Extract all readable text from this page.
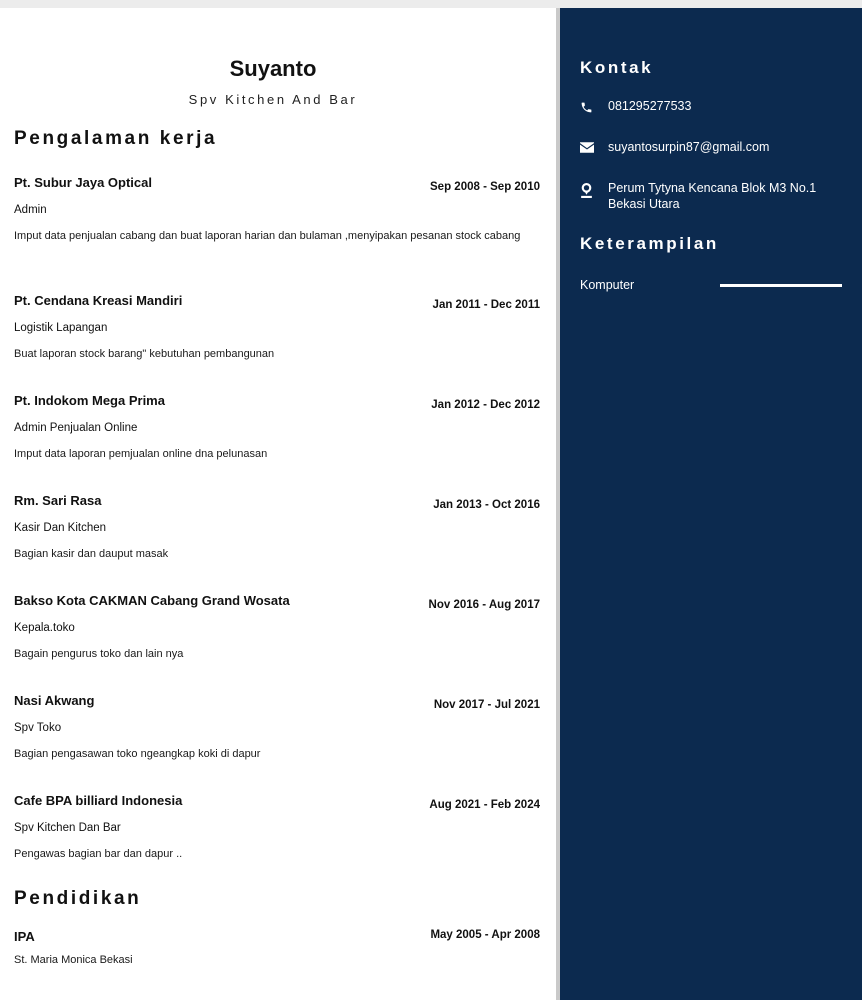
Suyanto
Spv Kitchen And Bar
Pengalaman kerja
Pt. Subur Jaya Optical	Sep 2008 - Sep 2010
Admin
Imput data penjualan cabang dan buat laporan harian dan bulaman ,menyipakan pesanan stock cabang
Pt. Cendana Kreasi Mandiri	Jan 2011 - Dec 2011
Logistik Lapangan
Buat laporan stock barang" kebutuhan pembangunan
Pt. Indokom Mega Prima	Jan 2012 - Dec 2012
Admin Penjualan Online
Imput data laporan pemjualan online dna pelunasan
Rm. Sari Rasa	Jan 2013 - Oct 2016
Kasir Dan Kitchen
Bagian kasir dan dauput masak
Bakso Kota CAKMAN Cabang Grand Wosata	Nov 2016 - Aug 2017
Kepala.toko
Bagain pengurus toko dan lain nya
Nasi Akwang	Nov 2017 - Jul 2021
Spv Toko
Bagian pengasawan toko ngeangkap koki di dapur
Cafe BPA billiard Indonesia	Aug 2021 - Feb 2024
Spv Kitchen Dan Bar
Pengawas bagian bar dan dapur ..
Pendidikan
IPA	May 2005 - Apr 2008
St. Maria Monica Bekasi
Kontak
081295277533
suyantosurpin87@gmail.com
Perum Tytyna Kencana Blok M3 No.1 Bekasi Utara
Keterampilan
Komputer
